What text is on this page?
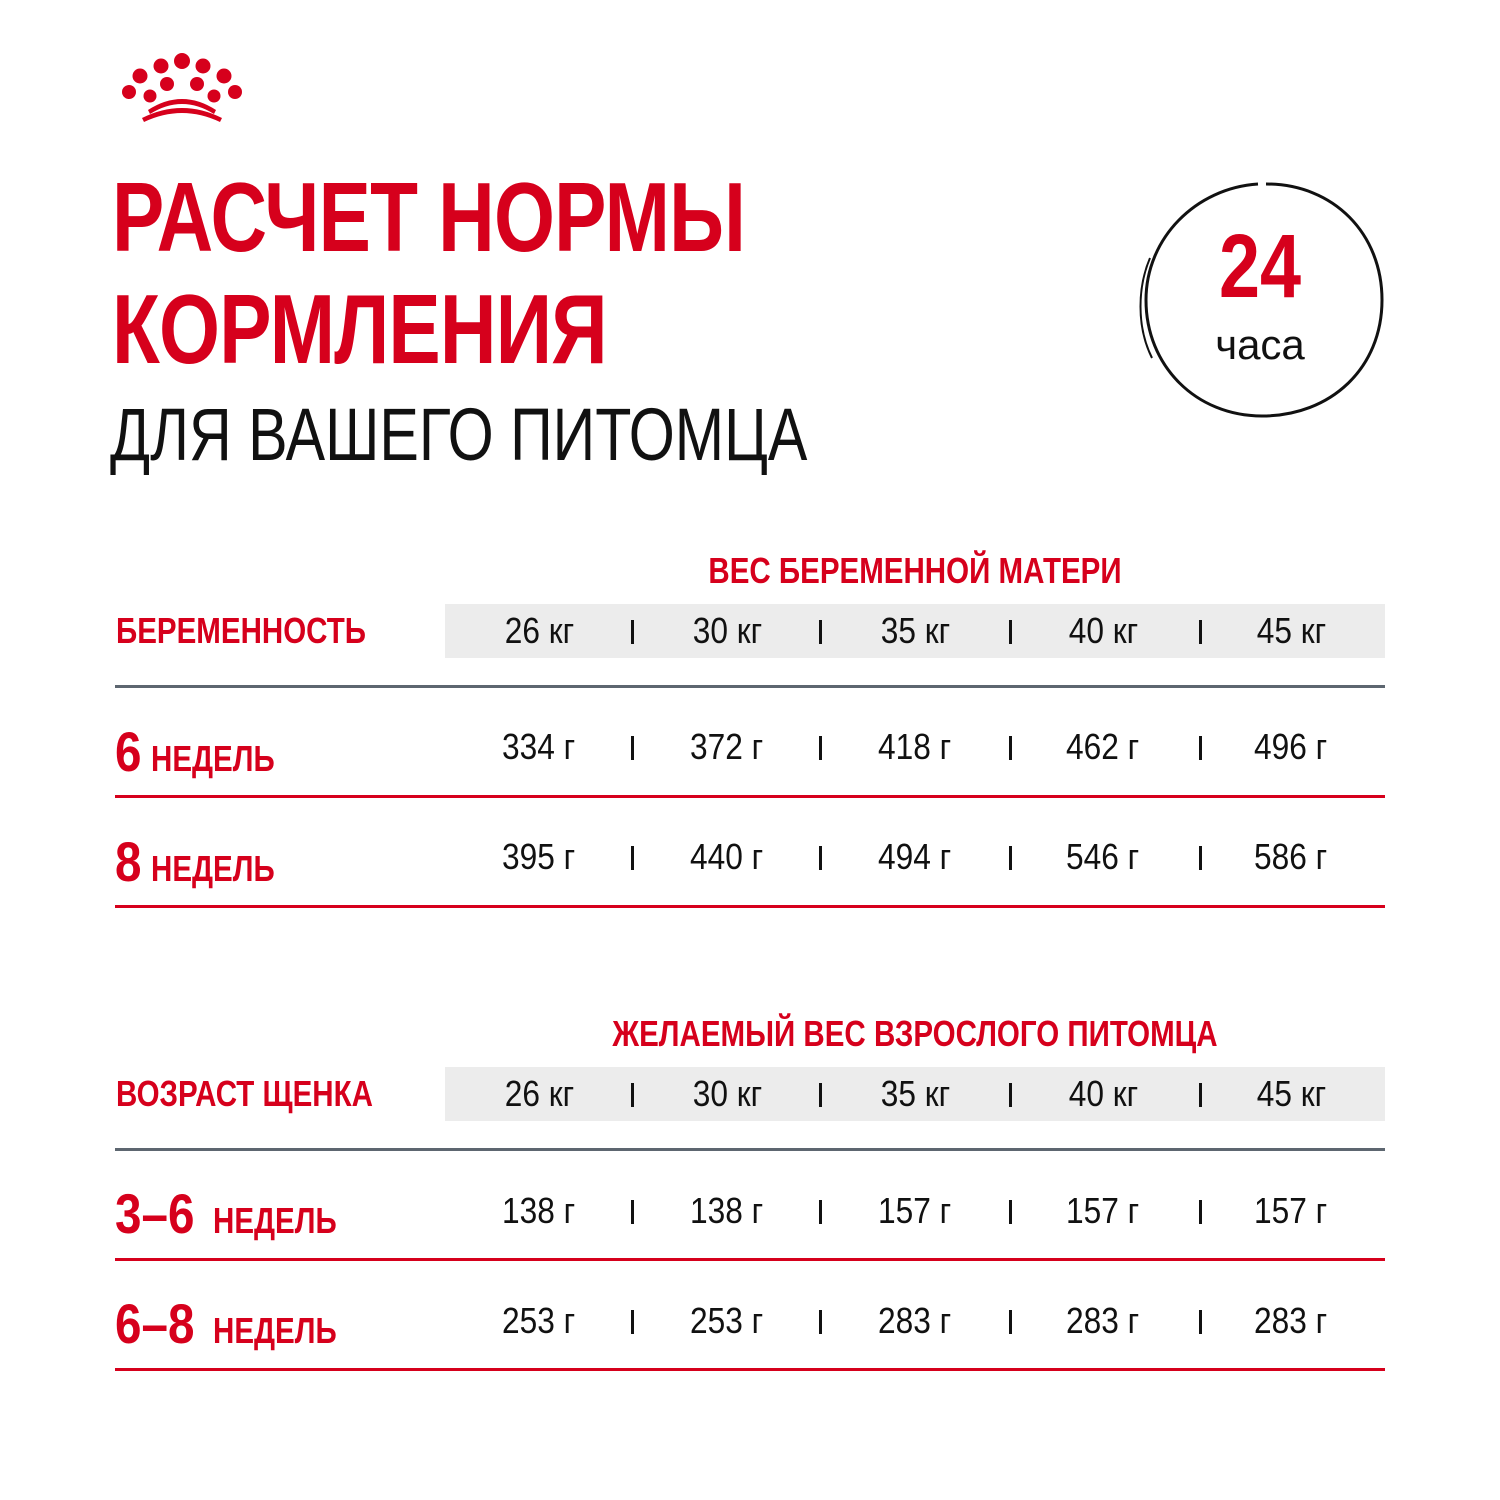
РАСЧЕТ НОРМЫ
КОРМЛЕНИЯ
ДЛЯ ВАШЕГО ПИТОМЦА
24
часа
ВЕС БЕРЕМЕННОЙ МАТЕРИ
БЕРЕМЕННОСТЬ	26 кг	30 кг	35 кг	40 кг	45 кг
6 НЕДЕЛЬ	334 г	372 г	418 г	462 г	496 г
8 НЕДЕЛЬ	395 г	440 г	494 г	546 г	586 г
ЖЕЛАЕМЫЙ ВЕС ВЗРОСЛОГО ПИТОМЦА
ВОЗРАСТ ЩЕНКА	26 кг	30 кг	35 кг	40 кг	45 кг
3–6 НЕДЕЛЬ	138 г	138 г	157 г	157 г	157 г
6–8 НЕДЕЛЬ	253 г	253 г	283 г	283 г	283 г
